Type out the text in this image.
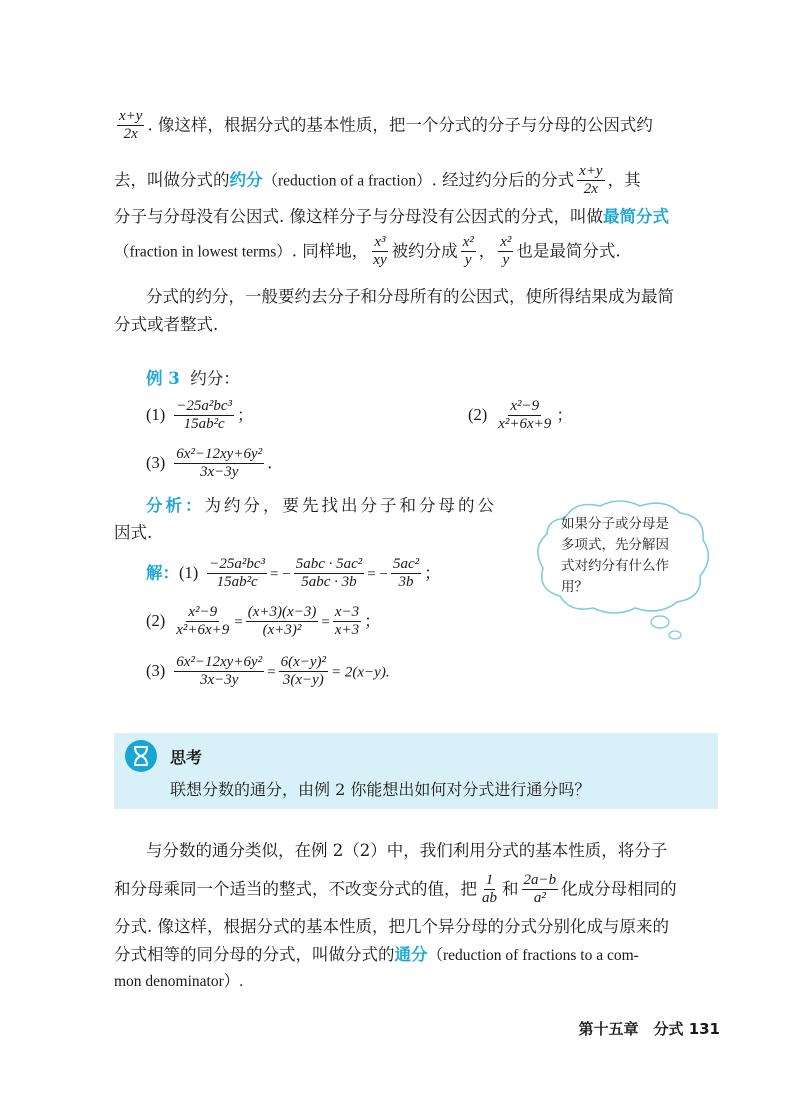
$\frac{x+y}{2x}$ . 像这样，根据分式的基本性质，把一个分式的分子与分母的公因式约
去，叫做分式的约分（reduction of a fraction）. 经过约分后的分式 $\frac{x+y}{2x}$ ，其
分子与分母没有公因式. 像这样分子与分母没有公因式的分式，叫做最简分式
（fraction in lowest terms）. 同样地， $\frac{\text{x³}}{xy}$ 被约分成 $\frac{\text{x²}}{y}$ ， $\frac{\text{x²}}{y}$ 也是最简分式.
分式的约分，一般要约去分子和分母所有的公因式，使所得结果成为最简
分式或者整式.
例 3 约分：
$(1) \frac{\text{−25a²bc³}}{\text{15ab²c}}$ ；	$(2) \frac{\text{x²−9}}{\text{x²+6x+9}}$ ；
$(3) \frac{\text{6x²−12xy+6y²}}{3x-3y}$ .
分析：为约分，要先找出分子和分母的公
因式.
解：$(1) \frac{\text{−25a²bc³}}{\text{15ab²c}}$ = − $\frac{\text{5abc · 5ac²}}{\text{5abc · 3b}}$ = − $\frac{\text{5ac²}}{3b}$ ；
$(2) \frac{\text{x²−9}}{\text{x²+6x+9}} = \frac{(x+3)(x-3)}{\text{(x+3)²}} = \frac{x-3}{x+3}$ ；
$(3) \frac{\text{6x²−12xy+6y²}}{3x-3y} = \frac{\text{6(x−y)²}}{3(x-y)} = 2(x-y)$.
如果分子或分母是多项式，先分解因式对约分有什么作用？
思考
联想分数的通分，由例 2 你能想出如何对分式进行通分吗？
与分数的通分类似，在例 2（2）中，我们利用分式的基本性质，将分子
和分母乘同一个适当的整式，不改变分式的值，把 $\frac{1}{ab}$ 和 $\frac{2a-b}{\text{a²}}$ 化成分母相同的
分式. 像这样，根据分式的基本性质，把几个异分母的分式分别化成与原来的
分式相等的同分母的分式，叫做分式的通分（reduction of fractions to a com-
mon denominator）.
第十五章　分式 131
